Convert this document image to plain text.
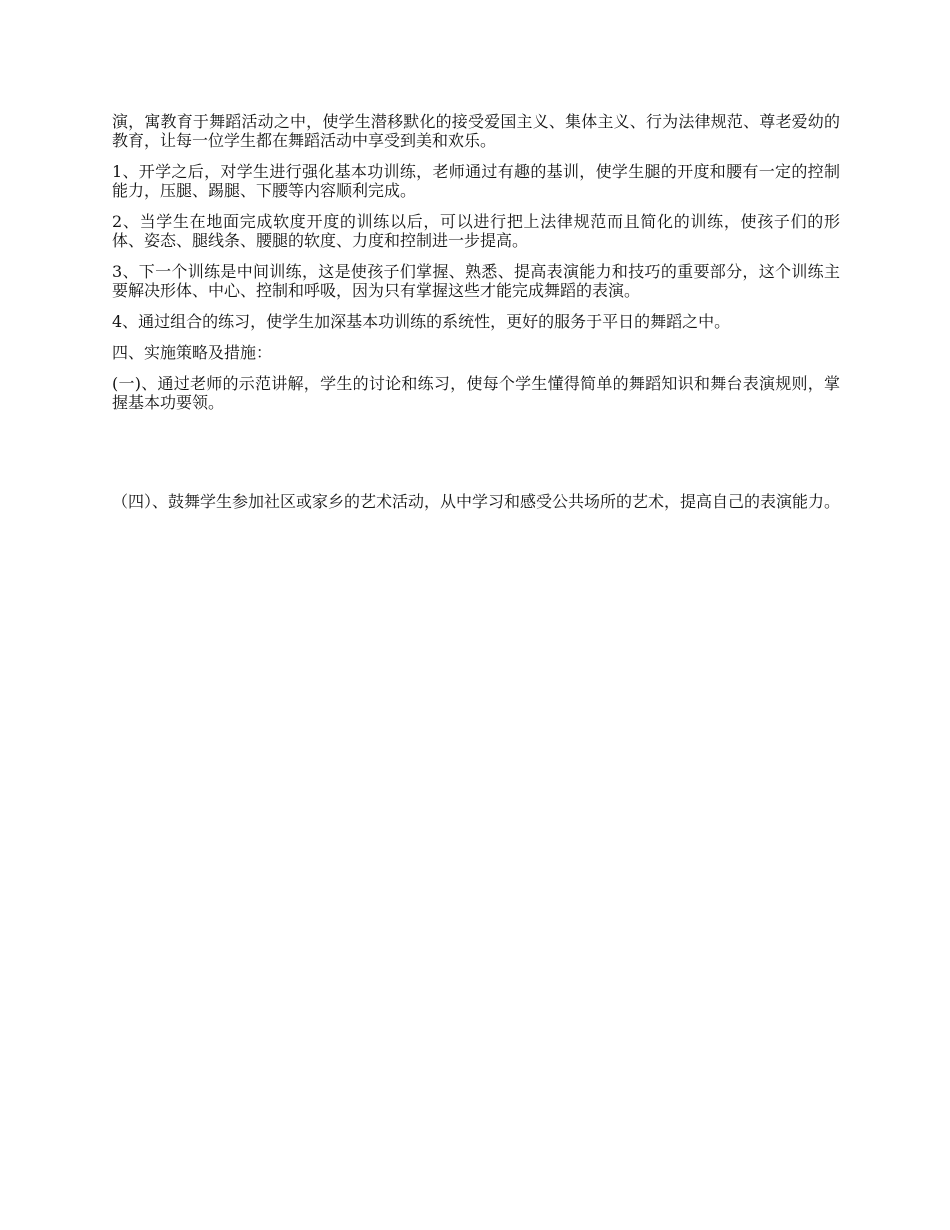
演，寓教育于舞蹈活动之中，使学生潜移默化的接受爱国主义、集体主义、行为法律规范、尊老爱幼的教育，让每一位学生都在舞蹈活动中享受到美和欢乐。

1、开学之后，对学生进行强化基本功训练，老师通过有趣的基训，使学生腿的开度和腰有一定的控制能力，压腿、踢腿、下腰等内容顺利完成。

2、当学生在地面完成软度开度的训练以后，可以进行把上法律规范而且简化的训练，使孩子们的形体、姿态、腿线条、腰腿的软度、力度和控制进一步提高。

3、下一个训练是中间训练，这是使孩子们掌握、熟悉、提高表演能力和技巧的重要部分，这个训练主要解决形体、中心、控制和呼吸，因为只有掌握这些才能完成舞蹈的表演。

4、通过组合的练习，使学生加深基本功训练的系统性，更好的服务于平日的舞蹈之中。

四、实施策略及措施：

(一)、通过老师的示范讲解，学生的讨论和练习，使每个学生懂得简单的舞蹈知识和舞台表演规则，掌握基本功要领。

（四）、鼓舞学生参加社区或家乡的艺术活动，从中学习和感受公共场所的艺术，提高自己的表演能力。
